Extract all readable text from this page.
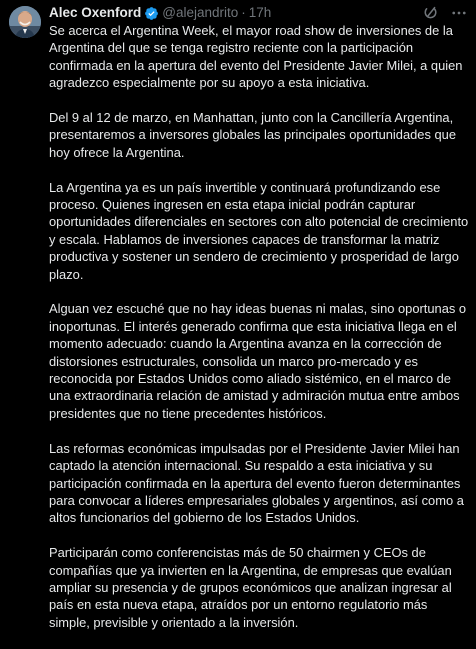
Alec Oxenford @alejandrito · 17h

Se acerca el Argentina Week, el mayor road show de inversiones de la Argentina del que se tenga registro reciente con la participación confirmada en la apertura del evento del Presidente Javier Milei, a quien agradezco especialmente por su apoyo a esta iniciativa.

Del 9 al 12 de marzo, en Manhattan, junto con la Cancillería Argentina, presentaremos a inversores globales las principales oportunidades que hoy ofrece la Argentina.

La Argentina ya es un país invertible y continuará profundizando ese proceso. Quienes ingresen en esta etapa inicial podrán capturar oportunidades diferenciales en sectores con alto potencial de crecimiento y escala. Hablamos de inversiones capaces de transformar la matriz productiva y sostener un sendero de crecimiento y prosperidad de largo plazo.

Alguan vez escuché que no hay ideas buenas ni malas, sino oportunas o inoportunas. El interés generado confirma que esta iniciativa llega en el momento adecuado: cuando la Argentina avanza en la corrección de distorsiones estructurales, consolida un marco pro-mercado y es reconocida por Estados Unidos como aliado sistémico, en el marco de una extraordinaria relación de amistad y admiración mutua entre ambos presidentes que no tiene precedentes históricos.

Las reformas económicas impulsadas por el Presidente Javier Milei han captado la atención internacional. Su respaldo a esta iniciativa y su participación confirmada en la apertura del evento fueron determinantes para convocar a líderes empresariales globales y argentinos, así como a altos funcionarios del gobierno de los Estados Unidos.

Participarán como conferencistas más de 50 chairmen y CEOs de compañías que ya invierten en la Argentina, de empresas que evalúan ampliar su presencia y de grupos económicos que analizan ingresar al país en esta nueva etapa, atraídos por un entorno regulatorio más simple, previsible y orientado a la inversión.
